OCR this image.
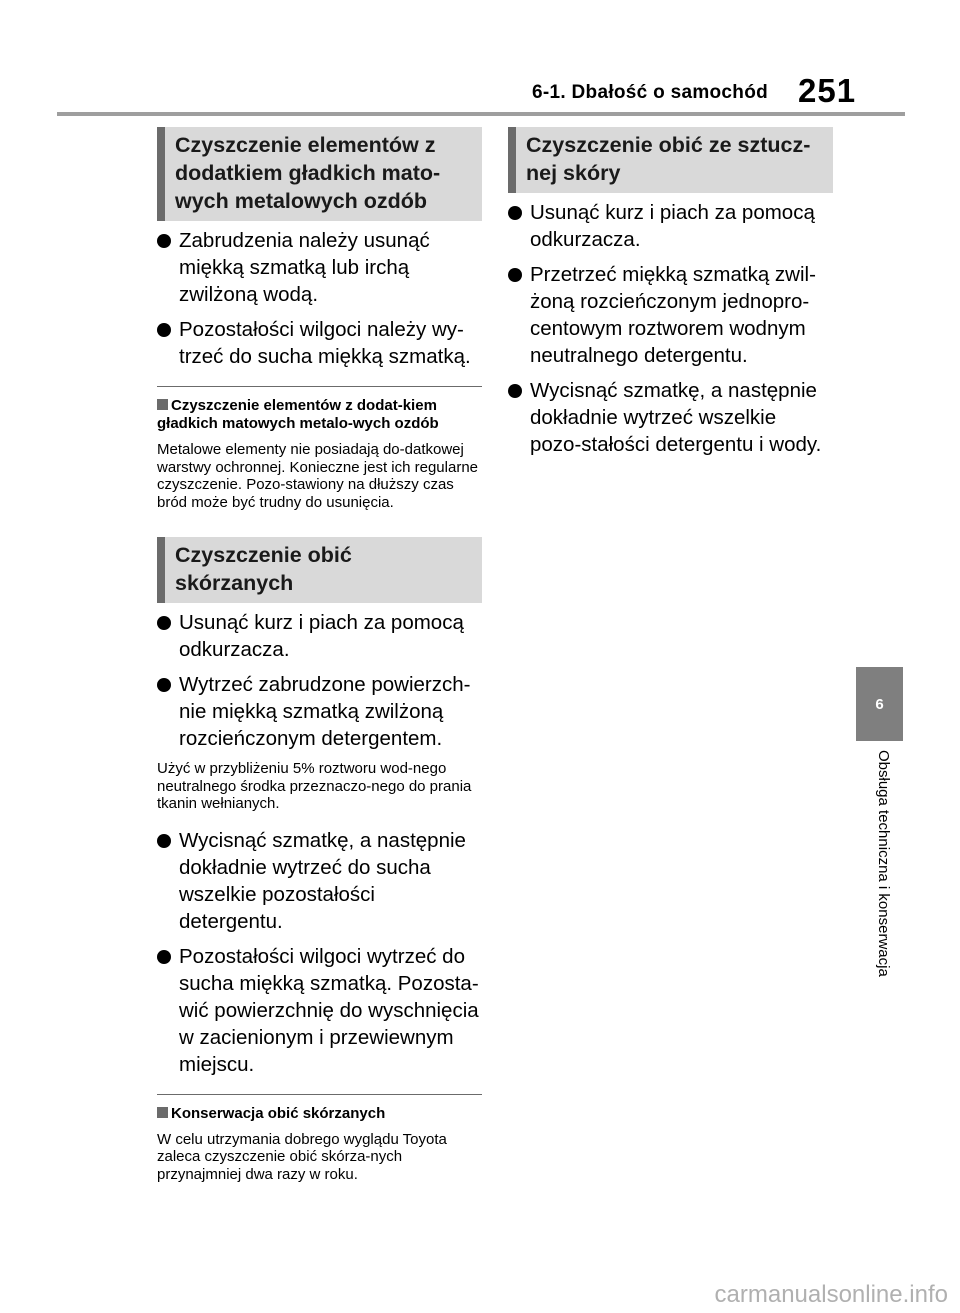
6-1. Dbałość o samochód 251
Czyszczenie elementów z dodatkiem gładkich mato-wych metalowych ozdób
Zabrudzenia należy usunąć miękką szmatką lub irchą zwilżoną wodą.
Pozostałości wilgoci należy wy-trzeć do sucha miękką szmatką.
Czyszczenie elementów z dodat-kiem gładkich matowych metalo-wych ozdób

Metalowe elementy nie posiadają do-datkowej warstwy ochronnej. Konieczne jest ich regularne czyszczenie. Pozo-stawiony na dłuższy czas bród może być trudny do usunięcia.

Czyszczenie obić skórzanych
Usunąć kurz i piach za pomocą odkurzacza.
Wytrzeć zabrudzone powierzch-nie miękką szmatką zwilżoną rozcieńczonym detergentem.

Użyć w przybliżeniu 5% roztworu wod-nego neutralnego środka przeznaczo-nego do prania tkanin wełnianych.

Wycisnąć szmatkę, a następnie dokładnie wytrzeć do sucha wszelkie pozostałości detergentu.
Pozostałości wilgoci wytrzeć do sucha miękką szmatką. Pozosta-wić powierzchnię do wyschnięcia w zacienionym i przewiewnym miejscu.
Konserwacja obić skórzanych

W celu utrzymania dobrego wyglądu Toyota zaleca czyszczenie obić skórza-nych przynajmniej dwa razy w roku.

Czyszczenie obić ze sztucz-nej skóry
Usunąć kurz i piach za pomocą odkurzacza.
Przetrzeć miękką szmatką zwil-żoną rozcieńczonym jednopro-centowym roztworem wodnym neutralnego detergentu.
Wycisnąć szmatkę, a następnie dokładnie wytrzeć wszelkie pozo-stałości detergentu i wody.
6
Obsługa techniczna i konserwacja
carmanualsonline.info
